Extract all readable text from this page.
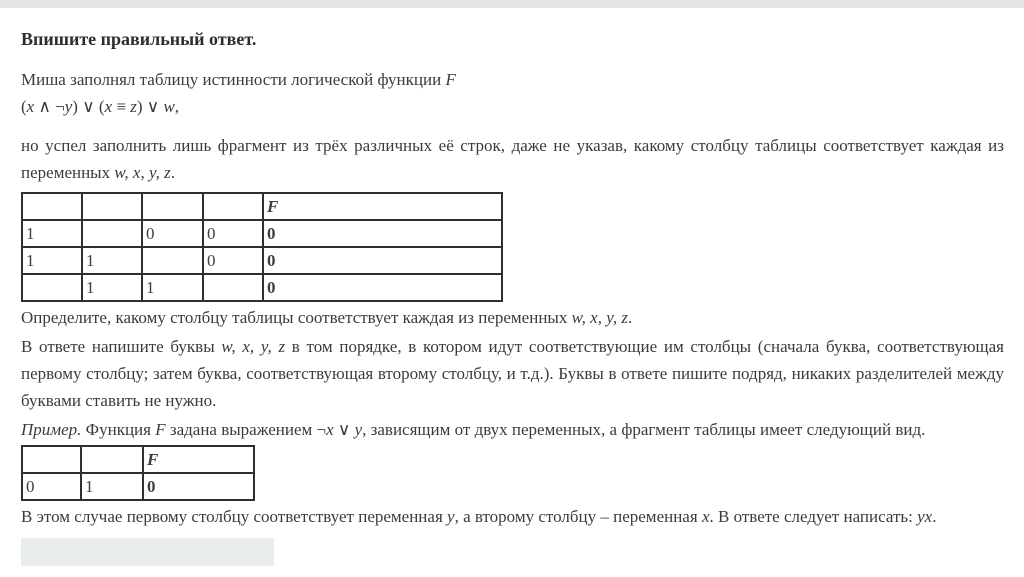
Впишите правильный ответ.

Миша заполнял таблицу истинности логической функции F
(x ∧ ¬y) ∨ (x ≡ z) ∨ w,

но успел заполнить лишь фрагмент из трёх различных её строк, даже не указав, какому столбцу таблицы соответствует каждая из переменных w, x, y, z.

				F
1		0	0	0
1	1		0	0
	1	1		0

Определите, какому столбцу таблицы соответствует каждая из переменных w, x, y, z.

В ответе напишите буквы w, x, y, z в том порядке, в котором идут соответствующие им столбцы (сначала буква, соответствующая первому столбцу; затем буква, соответствующая второму столбцу, и т.д.). Буквы в ответе пишите подряд, никаких разделителей между буквами ставить не нужно.

Пример. Функция F задана выражением ¬x ∨ y, зависящим от двух переменных, а фрагмент таблицы имеет следующий вид.

		F
0	1	0

В этом случае первому столбцу соответствует переменная y, а второму столбцу – переменная x. В ответе следует написать: yx.
